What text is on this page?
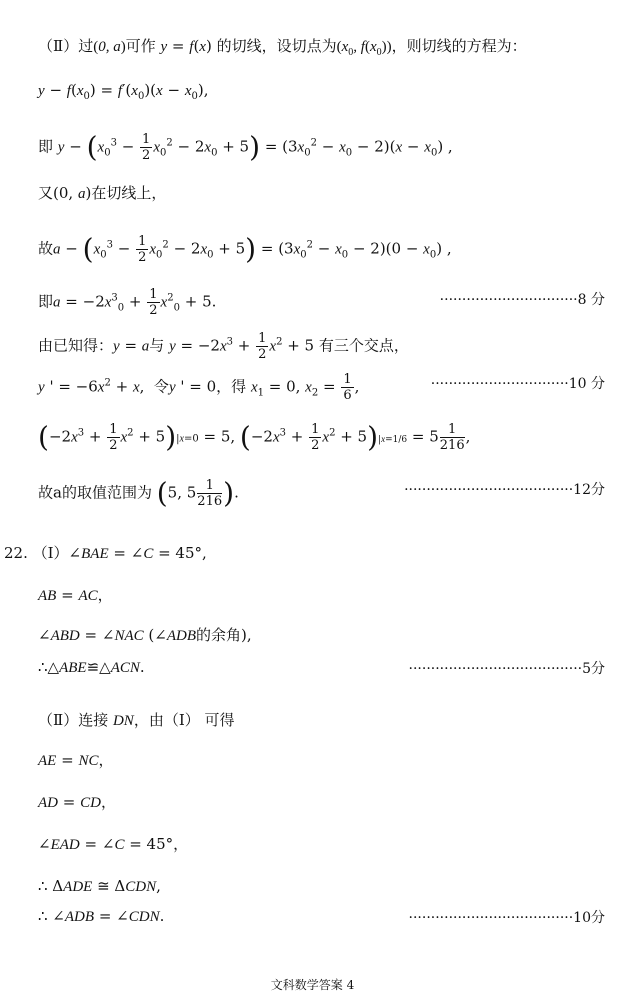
（Ⅱ）过(0, a)可作 y = f(x) 的切线，设切点为($x_0$, $f(x_0)$)，则切线的方程为：
$y - f(x_0) = f'(x_0)(x - x_0)$,
即 $y - (x_0^3 - \frac{1}{2} x_0^2 - 2x_0 + 5) = (3x_0^2 - x_0 - 2)(x - x_0)$ ,
又(0, a)在切线上，
故$a - (x_0^3 - \frac{1}{2} x_0^2 - 2x_0 + 5) = (3x_0^2 - x_0 - 2)(0 - x_0)$ ,
即$a = -2x^3_0 + \frac{1}{2} x^2_0 + 5$.	·······························8 分
由已知得：y = a与 $y = -2x^3 + \frac{1}{2} x^2 + 5$ 有三个交点，
y ' = $-6x^2 + x$,  令y ' = 0，得 $x_1 = 0$, $x_2 = \frac{1}{6}$ ,	·······························10 分
$(-2x^3 + \frac{1}{2} x^2 + 5)|x=0 = 5$, $(-2x^3 + \frac{1}{2} x^2 + 5)|x=1/6 = 5 \frac{1}{216}$ ,
故a的取值范围为 (5, $5 \frac{1}{216}$ ).	······································12分
22. （Ⅰ）∠BAE = ∠C = 45°,
AB = AC，
∠ABD = ∠NAC (∠ADB的余角),
∴△ABE≌△ACN.	·······································5分
（Ⅱ）连接 DN，由（Ⅰ） 可得
AE = NC，
AD = CD，
∠EAD = ∠C = 45°，
∴ ΔADE ≅ ΔCDN,
∴ ∠ADB = ∠CDN.	·····································10分
文科数学答案 4
